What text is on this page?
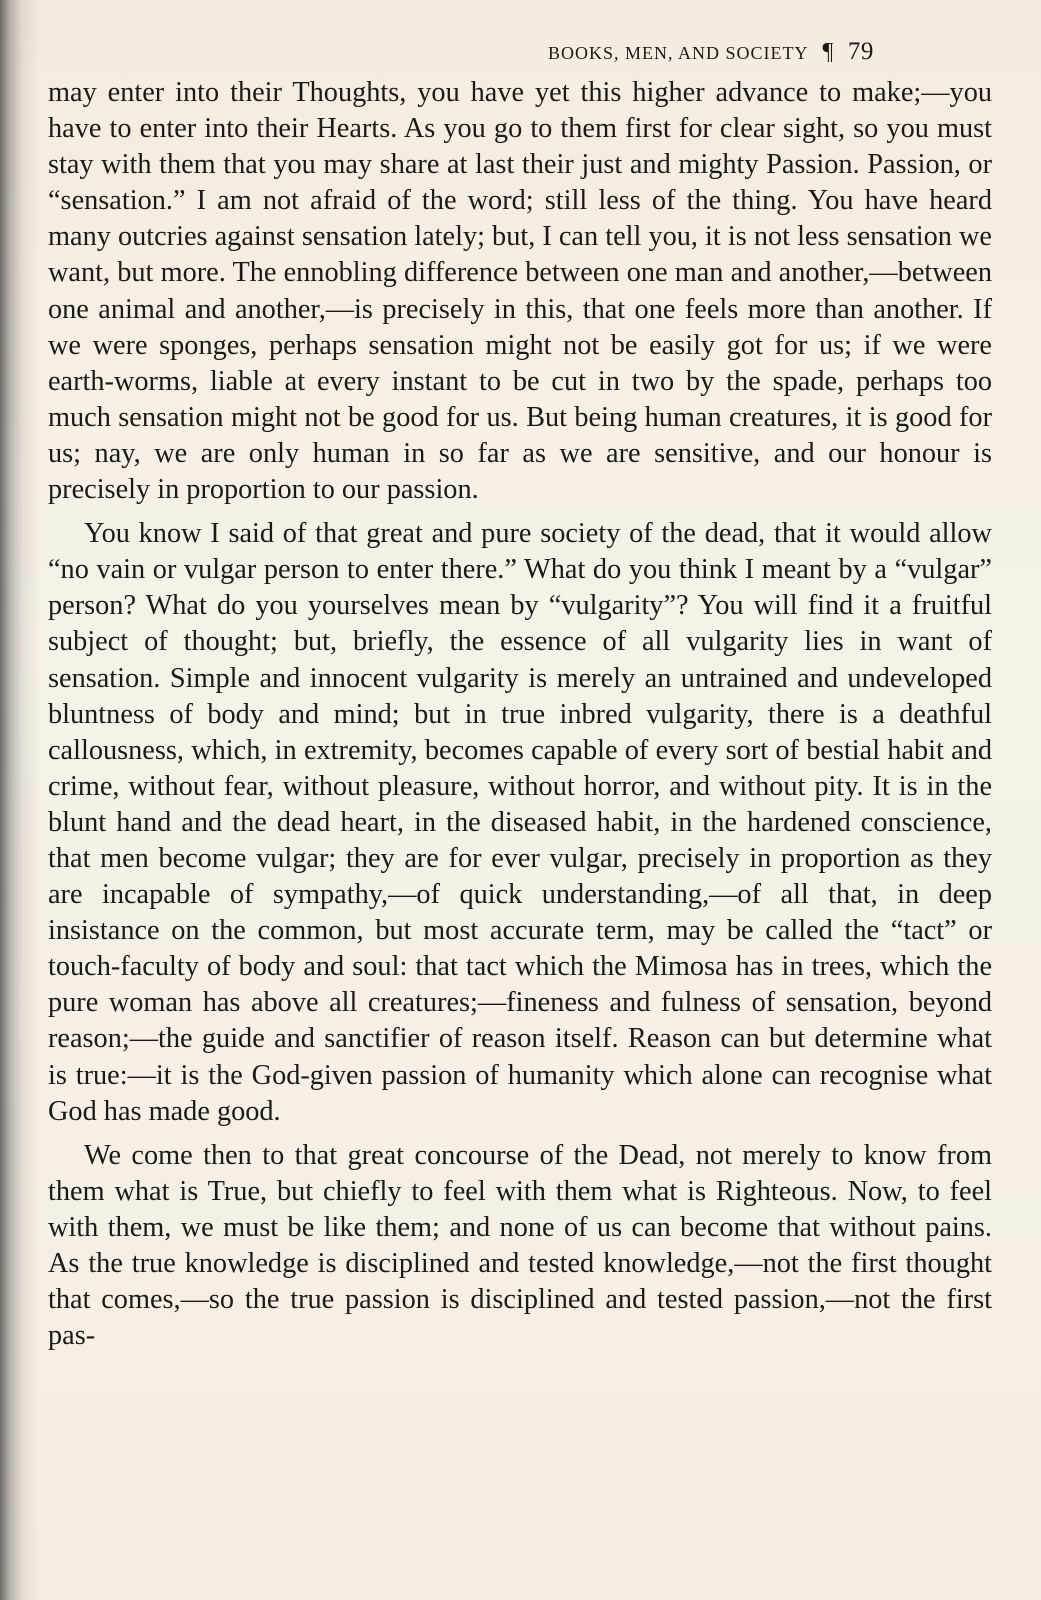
BOOKS, MEN, AND SOCIETY ¶ 79

may enter into their Thoughts, you have yet this higher advance to make;—you have to enter into their Hearts. As you go to them first for clear sight, so you must stay with them that you may share at last their just and mighty Passion. Passion, or “sensation.” I am not afraid of the word; still less of the thing. You have heard many outcries against sensation lately; but, I can tell you, it is not less sensation we want, but more. The ennobling difference between one man and another,—between one animal and another,—is precisely in this, that one feels more than another. If we were sponges, perhaps sensation might not be easily got for us; if we were earth-worms, liable at every instant to be cut in two by the spade, perhaps too much sensation might not be good for us. But being human creatures, it is good for us; nay, we are only human in so far as we are sensitive, and our honour is precisely in proportion to our passion.

You know I said of that great and pure society of the dead, that it would allow “no vain or vulgar person to enter there.” What do you think I meant by a “vulgar” person? What do you yourselves mean by “vulgarity”? You will find it a fruitful subject of thought; but, briefly, the essence of all vulgarity lies in want of sensation. Simple and innocent vulgarity is merely an untrained and undeveloped bluntness of body and mind; but in true inbred vulgarity, there is a deathful callousness, which, in extremity, becomes capable of every sort of bestial habit and crime, without fear, without pleasure, without horror, and without pity. It is in the blunt hand and the dead heart, in the diseased habit, in the hardened conscience, that men become vulgar; they are for ever vulgar, precisely in proportion as they are incapable of sympathy,—of quick understanding,—of all that, in deep insistance on the common, but most accurate term, may be called the “tact” or touch-faculty of body and soul: that tact which the Mimosa has in trees, which the pure woman has above all creatures;—fineness and fulness of sensation, beyond reason;—the guide and sanctifier of reason itself. Reason can but determine what is true:—it is the God-given passion of humanity which alone can recognise what God has made good.

We come then to that great concourse of the Dead, not merely to know from them what is True, but chiefly to feel with them what is Righteous. Now, to feel with them, we must be like them; and none of us can become that without pains. As the true knowledge is disciplined and tested knowledge,—not the first thought that comes,—so the true passion is disciplined and tested passion,—not the first pas-
